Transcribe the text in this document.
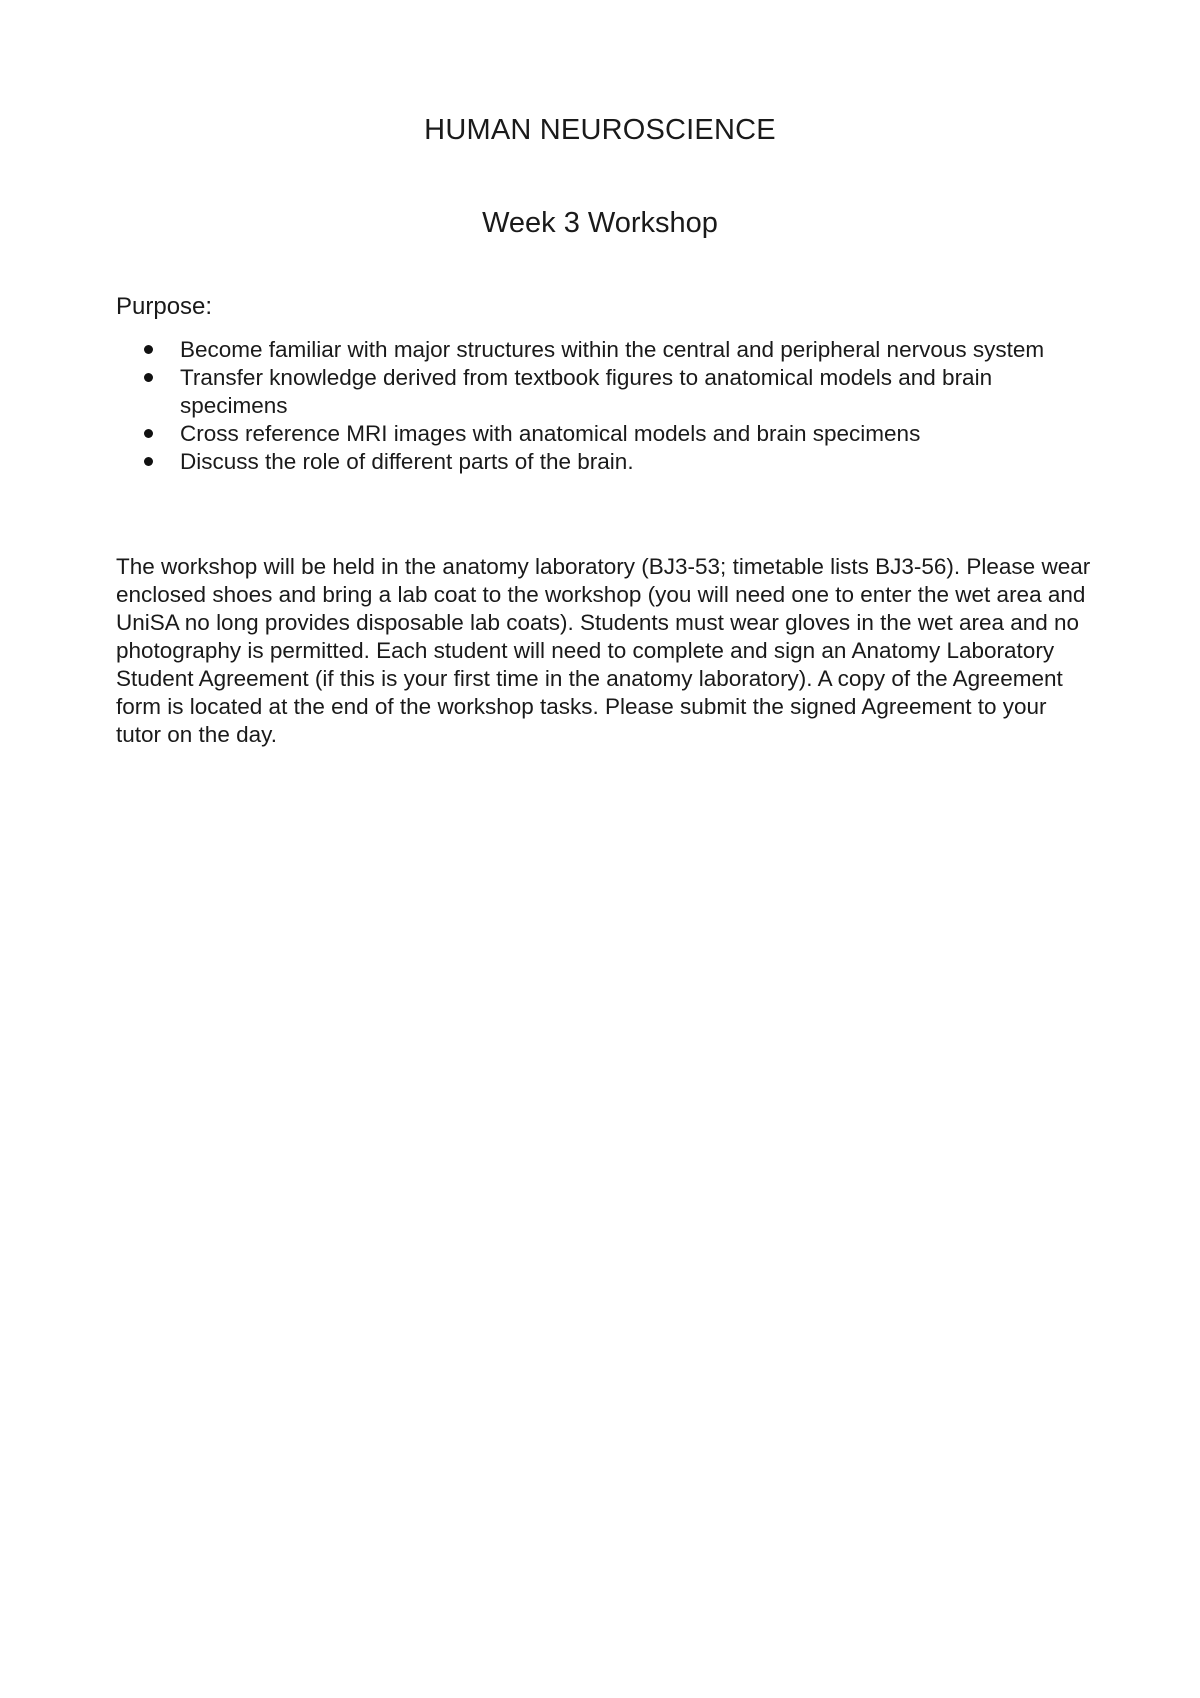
HUMAN NEUROSCIENCE
Week 3 Workshop
Purpose:
Become familiar with major structures within the central and peripheral nervous system
Transfer knowledge derived from textbook figures to anatomical models and brain specimens
Cross reference MRI images with anatomical models and brain specimens
Discuss the role of different parts of the brain.

The workshop will be held in the anatomy laboratory (BJ3-53; timetable lists BJ3-56). Please wear enclosed shoes and bring a lab coat to the workshop (you will need one to enter the wet area and UniSA no long provides disposable lab coats). Students must wear gloves in the wet area and no photography is permitted. Each student will need to complete and sign an Anatomy Laboratory Student Agreement (if this is your first time in the anatomy laboratory). A copy of the Agreement form is located at the end of the workshop tasks. Please submit the signed Agreement to your tutor on the day.
